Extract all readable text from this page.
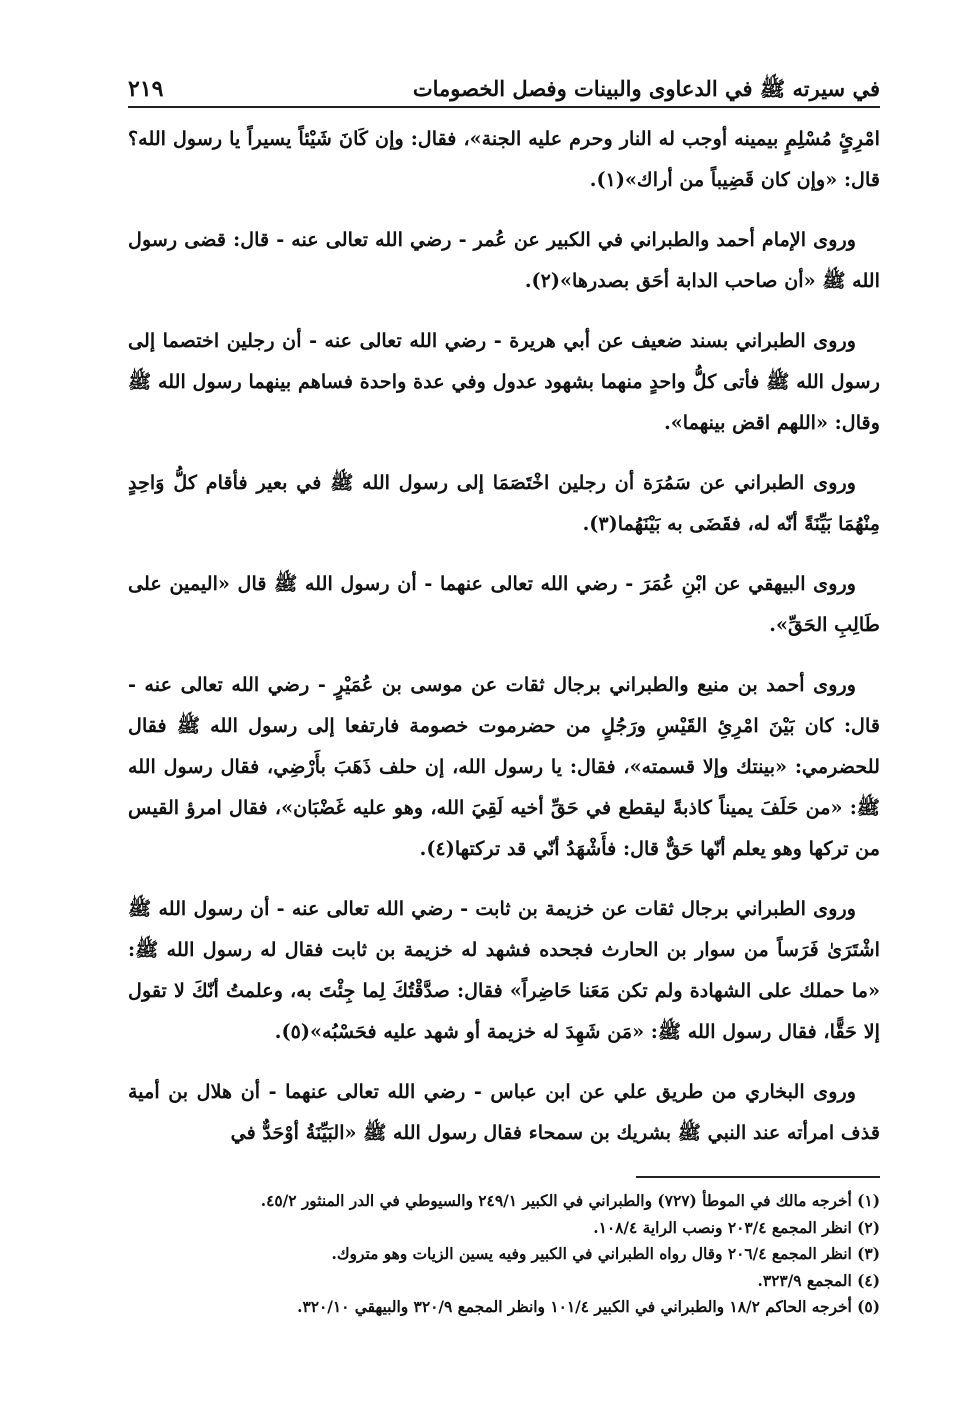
في سيرته ﷺ في الدعاوى والبينات وفصل الخصومات
٢١٩

امْرِئٍ مُسْلِمٍ بيمينه أوجب له النار وحرم عليه الجنة»، فقال: وإن كَانَ شَيْئاً يسيراً يا رسول الله؟ قال: «وإن كان قَضِيباً من أراك»(١).

وروى الإمام أحمد والطبراني في الكبير عن عُمر - رضي الله تعالى عنه - قال: قضى رسول الله ﷺ «أن صاحب الدابة أحَق بصدرها»(٢).

وروى الطبراني بسند ضعيف عن أبي هريرة - رضي الله تعالى عنه - أن رجلين اختصما إلى رسول الله ﷺ فأتى كلُّ واحدٍ منهما بشهود عدول وفي عدة واحدة فساهم بينهما رسول الله ﷺ وقال: «اللهم اقض بينهما».

وروى الطبراني عن سَمُرَة أن رجلين اخْتَصَمَا إلى رسول الله ﷺ في بعير فأقام كلُّ وَاحِدٍ مِنْهُمَا بَيِّنَةً أنّه له، فقَضَى به بَيْنَهُما(٣).

وروى البيهقي عن ابْنِ عُمَرَ - رضي الله تعالى عنهما - أن رسول الله ﷺ قال «اليمين على طَالِبِ الحَقِّ».

وروى أحمد بن منيع والطبراني برجال ثقات عن موسى بن عُمَيْرٍ - رضي الله تعالى عنه - قال: كان بَيْنَ امْرِئِ القَيْسِ ورَجُلٍ من حضرموت خصومة فارتفعا إلى رسول الله ﷺ فقال للحضرمي: «بينتك وإلا قسمته»، فقال: يا رسول الله، إن حلف ذَهَبَ بأَرْضِي، فقال رسول الله ﷺ: «من حَلَفَ يميناً كاذبةً ليقطع في حَقِّ أخيه لَقِيَ الله، وهو عليه غَضْبَان»، فقال امرؤ القيس من تركها وهو يعلم أنّها حَقٌّ قال: فأَشْهَدُ أنّي قد تركتها(٤).

وروى الطبراني برجال ثقات عن خزيمة بن ثابت - رضي الله تعالى عنه - أن رسول الله ﷺ اشْتَرَىٰ فَرَساً من سوار بن الحارث فجحده فشهد له خزيمة بن ثابت فقال له رسول الله ﷺ: «ما حملك على الشهادة ولم تكن مَعَنا حَاضِراً» فقال: صدَّقْتُكَ لِما جِئْتَ به، وعلمتُ أنّكَ لا تقول إلا حَقًّا، فقال رسول الله ﷺ: «مَن شَهِدَ له خزيمة أو شهد عليه فحَسْبُه»(٥).

وروى البخاري من طريق علي عن ابن عباس - رضي الله تعالى عنهما - أن هلال بن أمية قذف امرأته عند النبي ﷺ بشريك بن سمحاء فقال رسول الله ﷺ «البَيِّنَةُ أوْحَدٌّ في

(١) أخرجه مالك في الموطأ (٧٢٧) والطبراني في الكبير ٢٤٩/١ والسيوطي في الدر المنثور ٤٥/٢.

(٢) انظر المجمع ٢٠٣/٤ ونصب الراية ١٠٨/٤.

(٣) انظر المجمع ٢٠٦/٤ وقال رواه الطبراني في الكبير وفيه يسين الزيات وهو متروك.

(٤) المجمع ٣٢٣/٩.

(٥) أخرجه الحاكم ١٨/٢ والطبراني في الكبير ١٠١/٤ وانظر المجمع ٣٢٠/٩ والبيهقي ٣٢٠/١٠.
